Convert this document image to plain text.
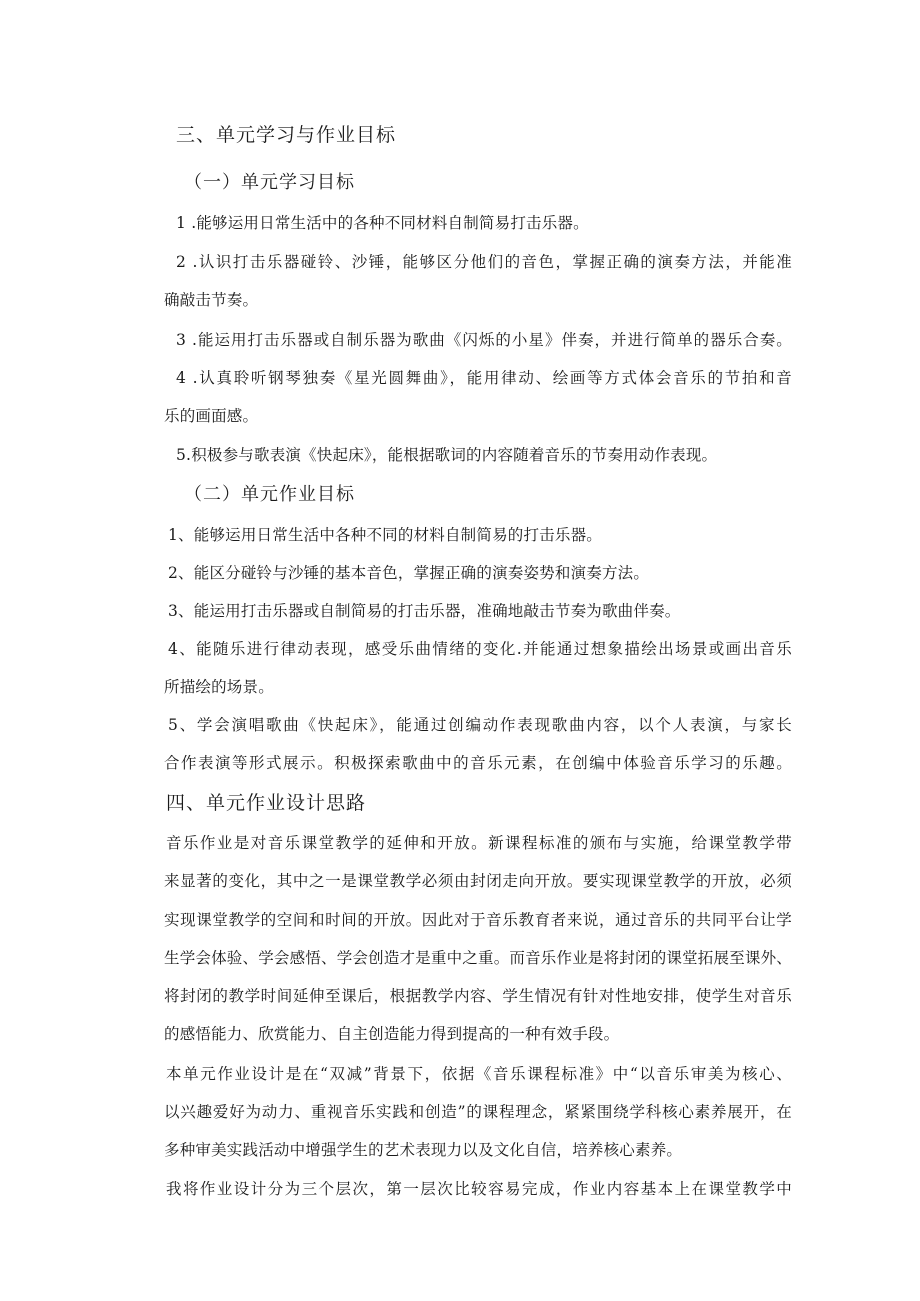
三、单元学习与作业目标

（一）单元学习目标

1 .能够运用日常生活中的各种不同材料自制简易打击乐器。

2 .认识打击乐器碰铃、沙锤，能够区分他们的音色，掌握正确的演奏方法，并能准

确敲击节奏。

3 .能运用打击乐器或自制乐器为歌曲《闪烁的小星》伴奏，并进行简单的器乐合奏。

4 .认真聆听钢琴独奏《星光圆舞曲》，能用律动、绘画等方式体会音乐的节拍和音

乐的画面感。

5.积极参与歌表演《快起床》，能根据歌词的内容随着音乐的节奏用动作表现。

（二）单元作业目标

1、能够运用日常生活中各种不同的材料自制简易的打击乐器。

2、能区分碰铃与沙锤的基本音色，掌握正确的演奏姿势和演奏方法。

3、能运用打击乐器或自制简易的打击乐器，准确地敲击节奏为歌曲伴奏。

4、能随乐进行律动表现，感受乐曲情绪的变化.并能通过想象描绘出场景或画出音乐

所描绘的场景。

5、学会演唱歌曲《快起床》，能通过创编动作表现歌曲内容，以个人表演，与家长

合作表演等形式展示。积极探索歌曲中的音乐元素，在创编中体验音乐学习的乐趣。

四、单元作业设计思路

音乐作业是对音乐课堂教学的延伸和开放。新课程标准的颁布与实施，给课堂教学带

来显著的变化，其中之一是课堂教学必须由封闭走向开放。要实现课堂教学的开放，必须

实现课堂教学的空间和时间的开放。因此对于音乐教育者来说，通过音乐的共同平台让学

生学会体验、学会感悟、学会创造才是重中之重。而音乐作业是将封闭的课堂拓展至课外、

将封闭的教学时间延伸至课后，根据教学内容、学生情况有针对性地安排，使学生对音乐

的感悟能力、欣赏能力、自主创造能力得到提高的一种有效手段。

本单元作业设计是在“双减”背景下，依据《音乐课程标准》中“以音乐审美为核心、

以兴趣爱好为动力、重视音乐实践和创造”的课程理念，紧紧围绕学科核心素养展开，在

多种审美实践活动中增强学生的艺术表现力以及文化自信，培养核心素养。

我将作业设计分为三个层次，第一层次比较容易完成，作业内容基本上在课堂教学中
